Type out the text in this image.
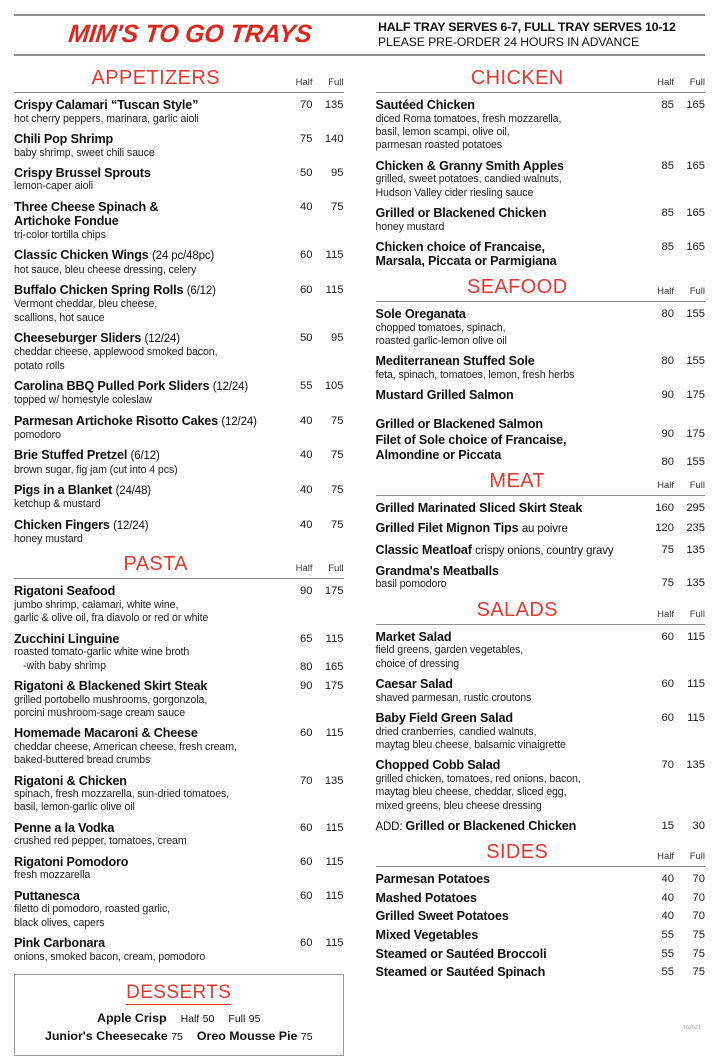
MIM'S TO GO TRAYS	HALF TRAY SERVES 6-7, FULL TRAY SERVES 10-12
PLEASE PRE-ORDER 24 HOURS IN ADVANCE
APPETIZERS	Half	Full
Crispy Calamari “Tuscan Style”
hot cherry peppers, marinara, garlic aioli
70	135
Chili Pop Shrimp
baby shrimp, sweet chili sauce
75	140
Crispy Brussel Sprouts
lemon-caper aioli
50	95
Three Cheese Spinach &
Artichoke Fondue
tri-color tortilla chips
40	75
Classic Chicken Wings (24 pc/48pc)
hot sauce, bleu cheese dressing, celery
60	115
Buffalo Chicken Spring Rolls (6/12)
Vermont cheddar, bleu cheese,
scallions, hot sauce
60	115
Cheeseburger Sliders (12/24)
cheddar cheese, applewood smoked bacon,
potato rolls
50	95
Carolina BBQ Pulled Pork Sliders (12/24)
topped w/ homestyle coleslaw
55	105
Parmesan Artichoke Risotto Cakes (12/24)
pomodoro
40	75
Brie Stuffed Pretzel (6/12)
brown sugar, fig jam (cut into 4 pcs)
40	75
Pigs in a Blanket (24/48)
ketchup & mustard
40	75
Chicken Fingers (12/24)
honey mustard
40	75
PASTA	Half	Full
Rigatoni Seafood
jumbo shrimp, calamari, white wine,
garlic & olive oil, fra diavolo or red or white
90	175
Zucchini Linguine
roasted tomato-garlic white wine broth
65	115
-with baby shrimp	80	165
Rigatoni & Blackened Skirt Steak
grilled portobello mushrooms, gorgonzola,
porcini mushroom-sage cream sauce
90	175
Homemade Macaroni & Cheese
cheddar cheese, American cheese, fresh cream,
baked-buttered bread crumbs
60	115
Rigatoni & Chicken
spinach, fresh mozzarella, sun-dried tomatoes,
basil, lemon-garlic olive oil
70	135
Penne a la Vodka
crushed red pepper, tomatoes, cream
60	115
Rigatoni Pomodoro
fresh mozzarella
60	115
Puttanesca
filetto di pomodoro, roasted garlic,
black olives, capers
60	115
Pink Carbonara
onions, smoked bacon, cream, pomodoro
60	115
DESSERTS
Apple Crisp Half 50 Full 95
Junior's Cheesecake 75 Oreo Mousse Pie 75
CHICKEN	Half	Full
Sautéed Chicken
diced Roma tomatoes, fresh mozzarella,
basil, lemon scampi, olive oil,
parmesan roasted potatoes
85	165
Chicken & Granny Smith Apples
grilled, sweet potatoes, candied walnuts,
Hudson Valley cider riesling sauce
85	165
Grilled or Blackened Chicken
honey mustard
85	165
Chicken choice of Francaise,
Marsala, Piccata or Parmigiana
85	165
SEAFOOD	Half	Full
Sole Oreganata
chopped tomatoes, spinach,
roasted garlic-lemon olive oil
80	155
Mediterranean Stuffed Sole
feta, spinach, tomatoes, lemon, fresh herbs
80	155
Mustard Grilled Salmon	90	175
Grilled or Blackened Salmon
90	175
Filet of Sole choice of Francaise,
Almondine or Piccata
80	155
MEAT	Half	Full
Grilled Marinated Sliced Skirt Steak	160	295
Grilled Filet Mignon Tips au poivre	120	235
Classic Meatloaf crispy onions, country gravy	75	135
Grandma's Meatballs
basil pomodoro	75	135
SALADS	Half	Full
Market Salad
field greens, garden vegetables,
choice of dressing
60	115
Caesar Salad
shaved parmesan, rustic croutons
60	115
Baby Field Green Salad
dried cranberries, candied walnuts,
maytag bleu cheese, balsamic vinaigrette
60	115
Chopped Cobb Salad
grilled chicken, tomatoes, red onions, bacon,
maytag bleu cheese, cheddar, sliced egg,
mixed greens, bleu cheese dressing
70	135
ADD: Grilled or Blackened Chicken	15	30
SIDES	Half	Full
Parmesan Potatoes	40	70
Mashed Potatoes	40	70
Grilled Sweet Potatoes	40	70
Mixed Vegetables	55	75
Steamed or Sautéed Broccoli	55	75
Steamed or Sautéed Spinach	55	75
102021
